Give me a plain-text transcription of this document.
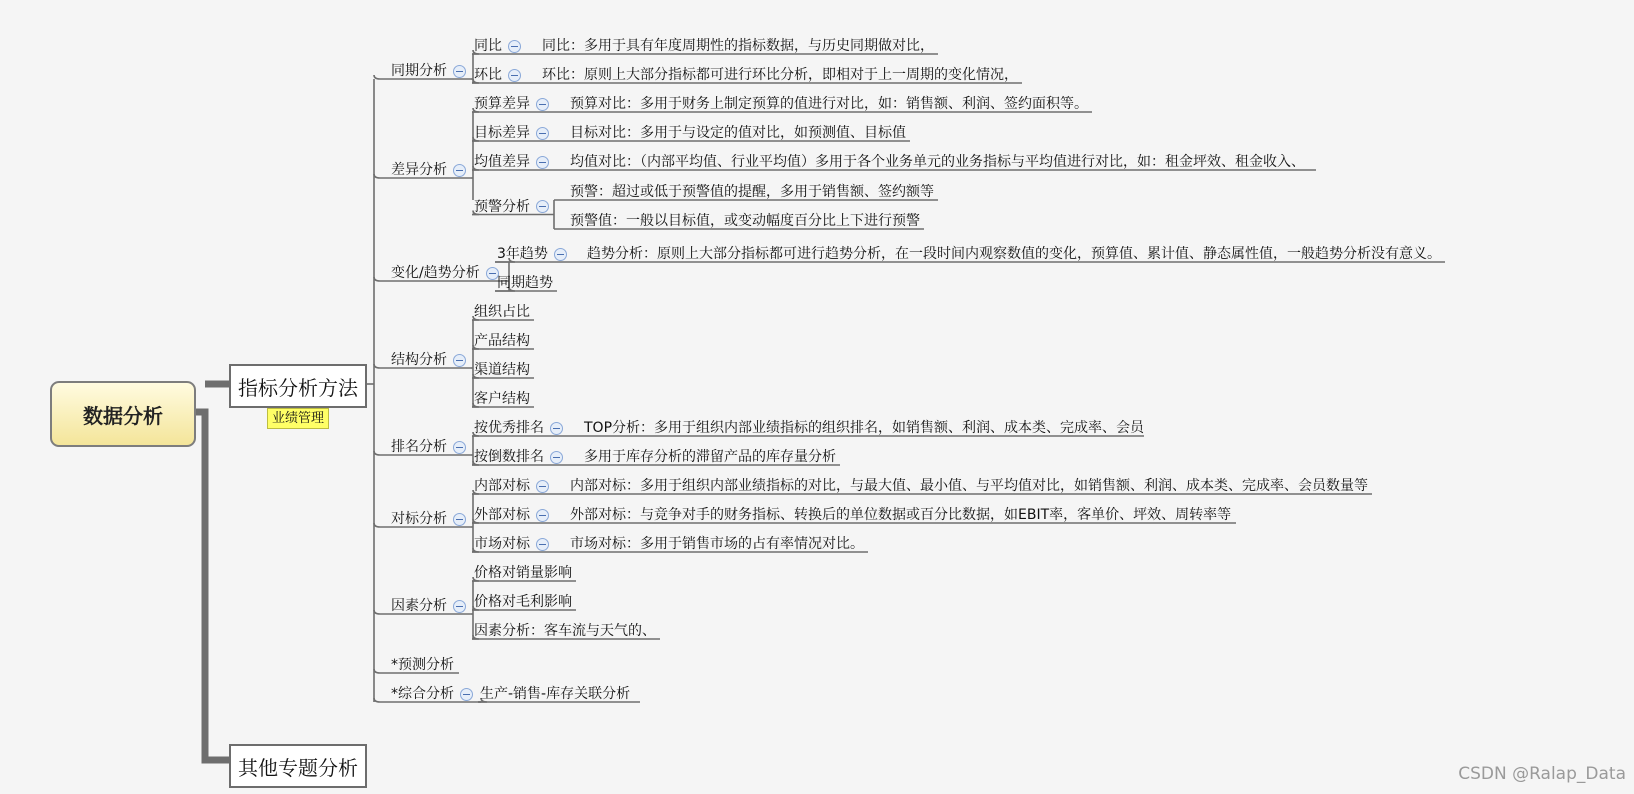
数据分析
指标分析方法
业绩管理
其他专题分析
同期分析
同比	同比：多用于具有年度周期性的指标数据，与历史同期做对比，
环比	环比：原则上大部分指标都可进行环比分析，即相对于上一周期的变化情况，
差异分析
预算差异	预算对比：多用于财务上制定预算的值进行对比，如：销售额、利润、签约面积等。
目标差异	目标对比：多用于与设定的值对比，如预测值、目标值
均值差异	均值对比：（内部平均值、行业平均值）多用于各个业务单元的业务指标与平均值进行对比，如：租金坪效、租金收入、
预警分析
预警：超过或低于预警值的提醒，多用于销售额、签约额等
预警值：一般以目标值，或变动幅度百分比上下进行预警
变化/趋势分析
3年趋势	趋势分析：原则上大部分指标都可进行趋势分析，在一段时间内观察数值的变化，预算值、累计值、静态属性值，一般趋势分析没有意义。
同期趋势
结构分析
组织占比
产品结构
渠道结构
客户结构
排名分析
按优秀排名	TOP分析：多用于组织内部业绩指标的组织排名，如销售额、利润、成本类、完成率、会员
按倒数排名	多用于库存分析的滞留产品的库存量分析
对标分析
内部对标	内部对标：多用于组织内部业绩指标的对比，与最大值、最小值、与平均值对比，如销售额、利润、成本类、完成率、会员数量等
外部对标	外部对标：与竞争对手的财务指标、转换后的单位数据或百分比数据，如EBIT率，客单价、坪效、周转率等
市场对标	市场对标：多用于销售市场的占有率情况对比。
因素分析
价格对销量影响
价格对毛利影响
因素分析：客车流与天气的、
*预测分析
*综合分析	生产-销售-库存关联分析
CSDN @Ralap_Data
